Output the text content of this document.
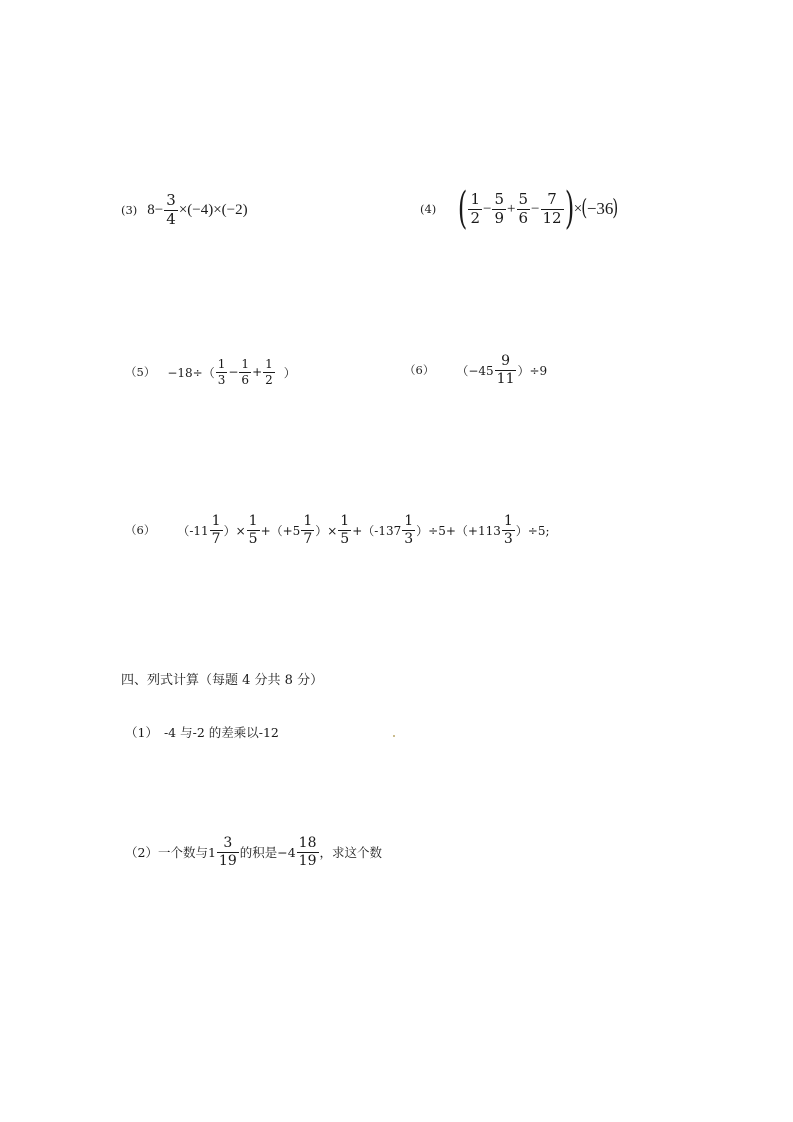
(3) $8 - \frac{3}{4} \times(-4)\times(-2)$	(4) ( $\frac{1}{2} - \frac{5}{9} + \frac{5}{6} - \frac{7}{12}$ ) × ( −36 )
$(5) -18\div( \frac{1}{3} - \frac{1}{6} + \frac{1}{2}$ ）	（6） $(-45 \frac{9}{11} )\div 9$
（6） （$-11 \frac{1}{7}$ ）× $\frac{1}{5} +(+5 \frac{1}{7}$ ）× $\frac{1}{5} +(-137 \frac{1}{3} )\div 5+(+113 \frac{1}{3} )\div 5$;
四、列式计算（每题 4 分共 8 分）
（1） -4 与-2 的差乘以-12
（2） 一个数与$1 \frac{3}{19}$ 的积是$-4 \frac{18}{19}$ ，求这个数
